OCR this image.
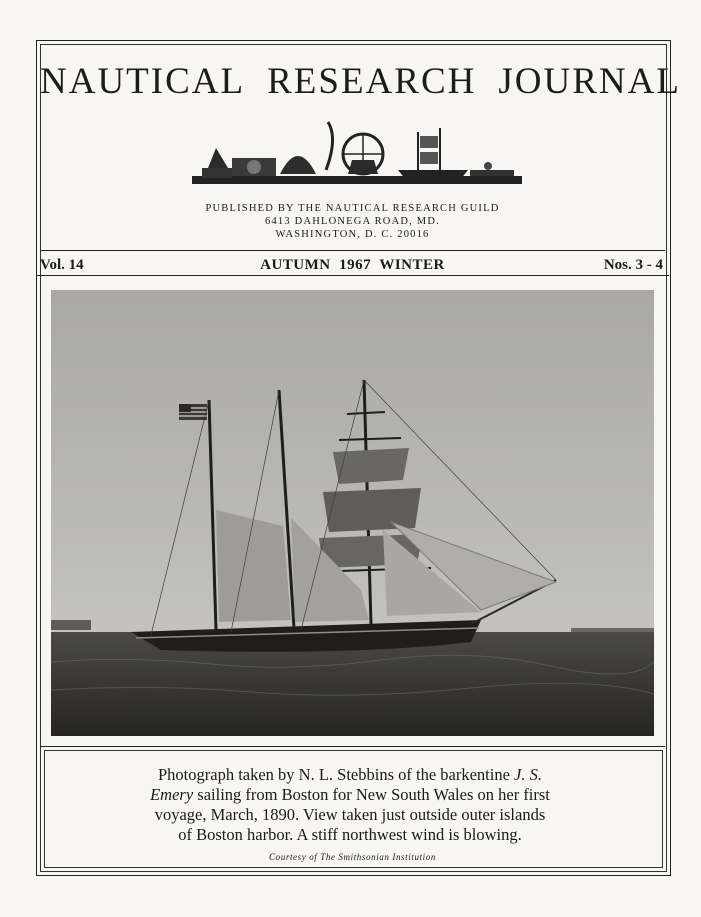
NAUTICAL RESEARCH JOURNAL
PUBLISHED BY THE NAUTICAL RESEARCH GUILD
6413 DAHLONEGA ROAD, MD.
WASHINGTON, D. C. 20016
Vol. 14	AUTUMN  1967  WINTER	Nos. 3 - 4
Photograph taken by N. L. Stebbins of the barkentine J. S. Emery sailing from Boston for New South Wales on her first voyage, March, 1890. View taken just outside outer islands of Boston harbor. A stiff northwest wind is blowing.
Courtesy of The Smithsonian Institution
